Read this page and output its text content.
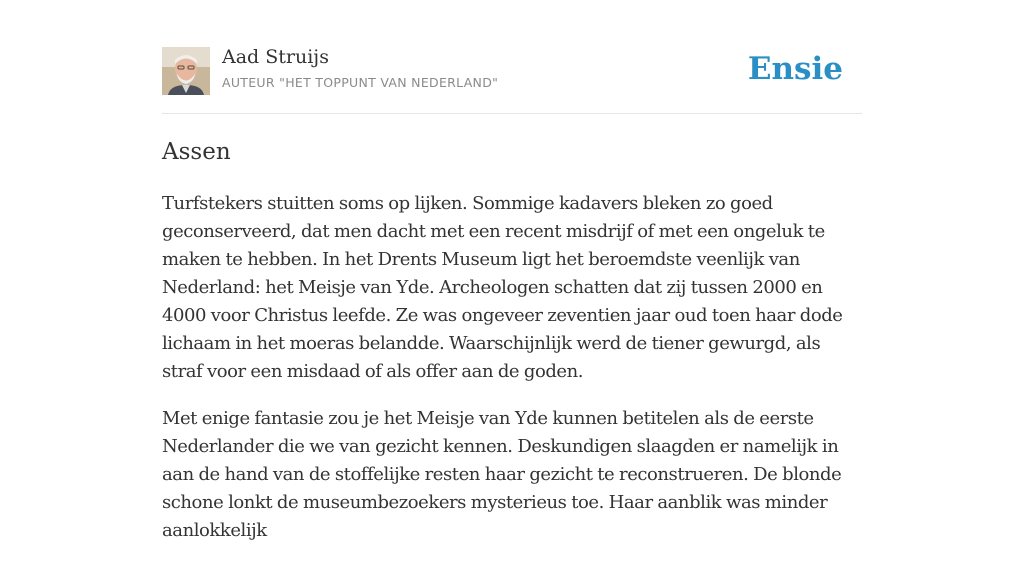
Aad Struijs
AUTEUR "HET TOPPUNT VAN NEDERLAND"	Ensie
Assen

Turfstekers stuitten soms op lijken. Sommige kadavers bleken zo goed geconserveerd, dat men dacht met een recent misdrijf of met een ongeluk te maken te hebben. In het Drents Museum ligt het beroemdste veenlijk van Nederland: het Meisje van Yde. Archeologen schatten dat zij tussen 2000 en 4000 voor Christus leefde. Ze was ongeveer zeventien jaar oud toen haar dode lichaam in het moeras belandde. Waarschijnlijk werd de tiener gewurgd, als straf voor een misdaad of als offer aan de goden.

Met enige fantasie zou je het Meisje van Yde kunnen betitelen als de eerste Nederlander die we van gezicht kennen. Deskundigen slaagden er namelijk in aan de hand van de stoffelijke resten haar gezicht te reconstrueren. De blonde schone lonkt de museumbezoekers mysterieus toe. Haar aanblik was minder aanlokkelijk
